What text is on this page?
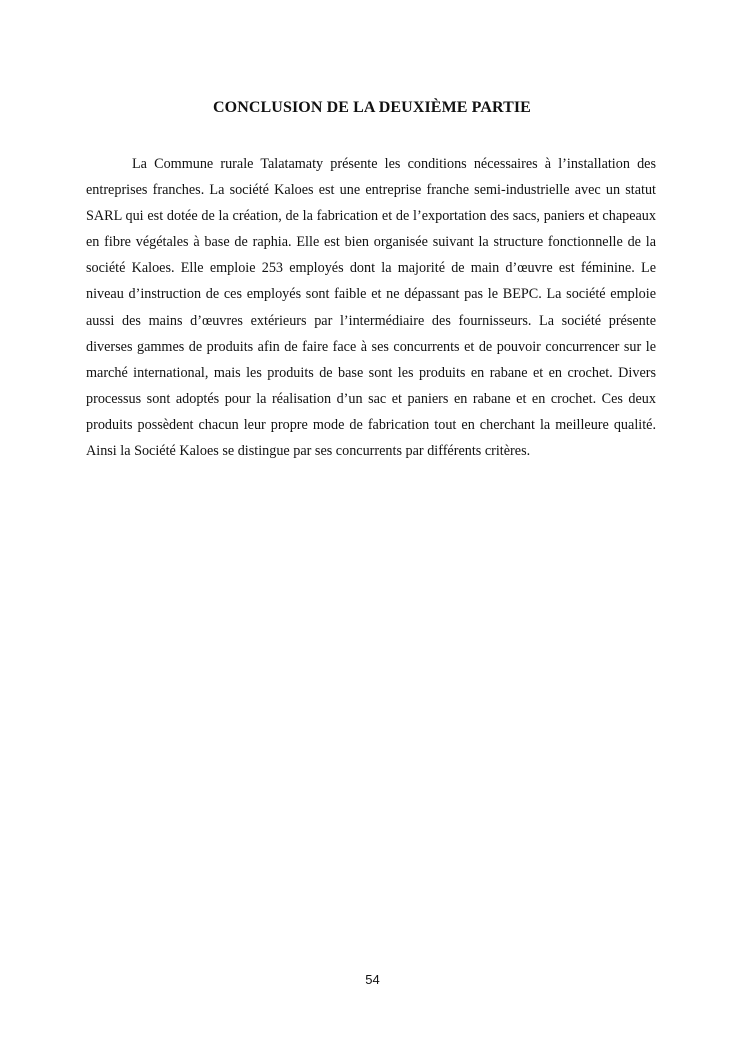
CONCLUSION DE LA DEUXIÈME PARTIE

La Commune rurale Talatamaty présente les conditions nécessaires à l’installation des entreprises franches. La société Kaloes est une entreprise franche semi-industrielle avec un statut SARL qui est dotée de la création, de la fabrication et de l’exportation des sacs, paniers et chapeaux en fibre végétales à base de raphia. Elle est bien organisée suivant la structure fonctionnelle de la société Kaloes. Elle emploie 253 employés dont la majorité de main d’œuvre est féminine. Le niveau d’instruction de ces employés sont faible et ne dépassant pas le BEPC. La société emploie aussi des mains d’œuvres extérieurs par l’intermédiaire des fournisseurs. La société présente diverses gammes de produits afin de faire face à ses concurrents et de pouvoir concurrencer sur le marché international, mais les produits de base sont les produits en rabane et en crochet. Divers processus sont adoptés pour la réalisation d’un sac et paniers en rabane et en crochet. Ces deux produits possèdent chacun leur propre mode de fabrication tout en cherchant la meilleure qualité. Ainsi la Société Kaloes se distingue par ses concurrents par différents critères.

54
